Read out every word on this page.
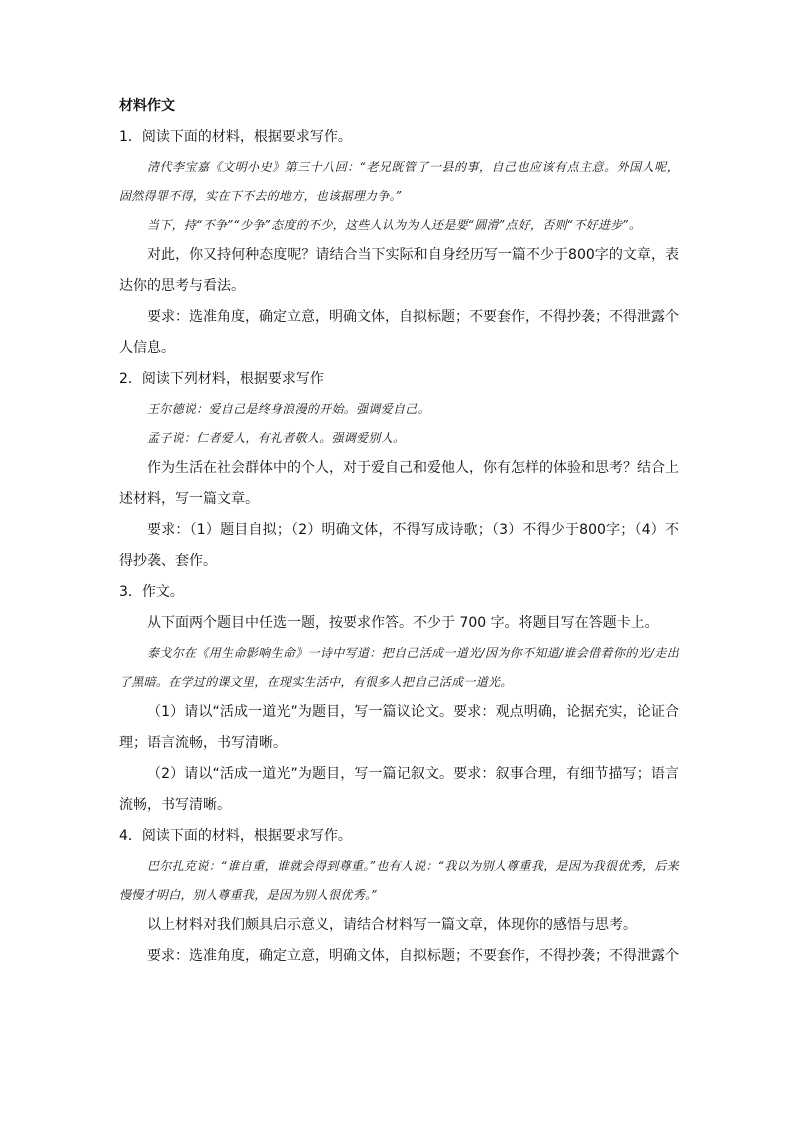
材料作文

1．阅读下面的材料，根据要求写作。

清代李宝嘉《文明小史》第三十八回：“老兄既管了一县的事，自己也应该有点主意。外国人呢，固然得罪不得，实在下不去的地方，也该据理力争。”

当下，持“不争”“少争”态度的不少，这些人认为为人还是要“圆滑”点好，否则“不好进步”。

对此，你又持何种态度呢？请结合当下实际和自身经历写一篇不少于800字的文章，表达你的思考与看法。

要求：选准角度，确定立意，明确文体，自拟标题；不要套作，不得抄袭；不得泄露个人信息。

2．阅读下列材料，根据要求写作

王尔德说：爱自己是终身浪漫的开始。强调爱自己。

孟子说：仁者爱人，有礼者敬人。强调爱别人。

作为生活在社会群体中的个人，对于爱自己和爱他人，你有怎样的体验和思考？结合上述材料，写一篇文章。

要求：（1）题目自拟；（2）明确文体，不得写成诗歌；（3）不得少于800字；（4）不得抄袭、套作。

3．作文。

从下面两个题目中任选一题，按要求作答。不少于 700 字。将题目写在答题卡上。

泰戈尔在《用生命影响生命》一诗中写道：把自己活成一道光/因为你不知道/谁会借着你的光/走出了黑暗。在学过的课文里，在现实生活中，有很多人把自己活成一道光。

（1）请以“活成一道光”为题目，写一篇议论文。要求：观点明确，论据充实，论证合理；语言流畅，书写清晰。

（2）请以“活成一道光”为题目，写一篇记叙文。要求：叙事合理，有细节描写；语言流畅，书写清晰。

4．阅读下面的材料，根据要求写作。

巴尔扎克说：“谁自重，谁就会得到尊重。”也有人说：“我以为别人尊重我，是因为我很优秀，后来慢慢才明白，别人尊重我，是因为别人很优秀。”

以上材料对我们颇具启示意义，请结合材料写一篇文章，体现你的感悟与思考。

要求：选准角度，确定立意，明确文体，自拟标题；不要套作，不得抄袭；不得泄露个
